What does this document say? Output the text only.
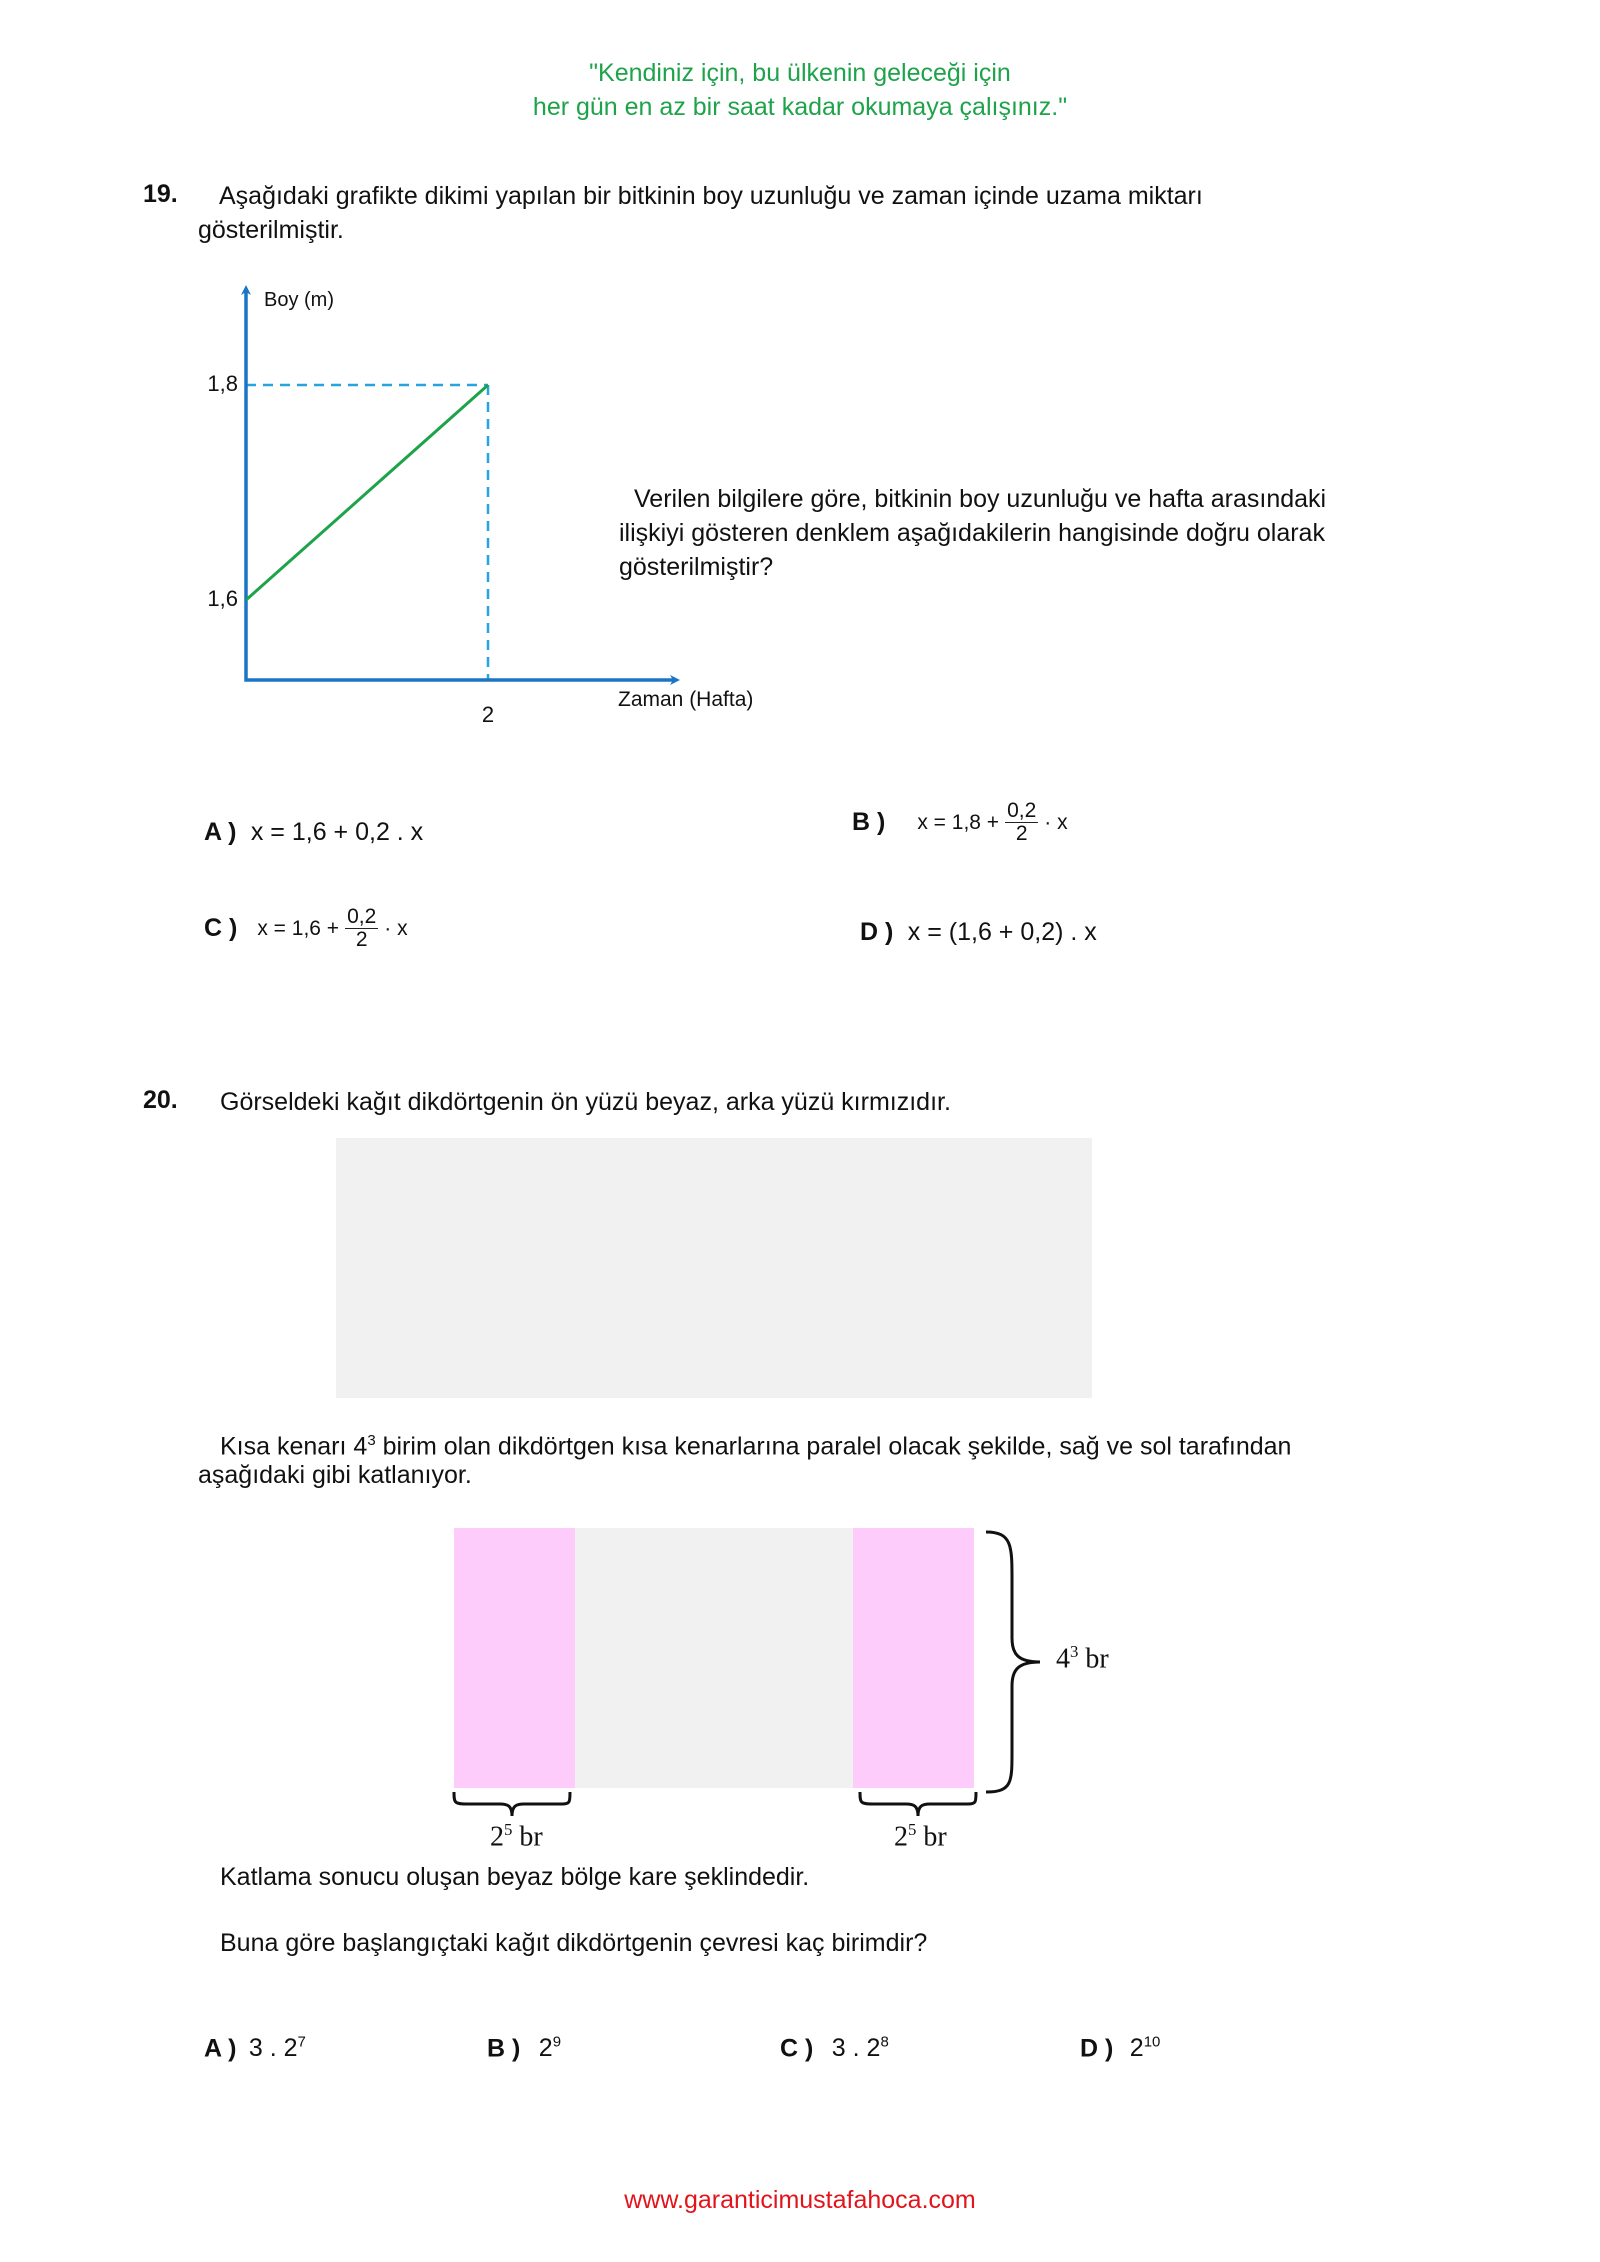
"Kendiniz için, bu ülkenin geleceği için
her gün en az bir saat kadar okumaya çalışınız."
19. Aşağıdaki grafikte dikimi yapılan bir bitkinin boy uzunluğu ve zaman içinde uzama miktarı
gösterilmiştir.
Boy (m)
1,8
1,6
2
Zaman (Hafta)
Verilen bilgilere göre, bitkinin boy uzunluğu ve hafta arasındaki
ilişkiyi gösteren denklem aşağıdakilerin hangisinde doğru olarak
gösterilmiştir?
A ) x = 1,6 + 0,2 . x	B ) $x = 1,8 + \frac{0,2}{2} \cdot x$
C ) $x = 1,6 + \frac{0,2}{2} \cdot x$	D ) x = (1,6 + 0,2) . x
20. Görseldeki kağıt dikdörtgenin ön yüzü beyaz, arka yüzü kırmızıdır.
Kısa kenarı $4^3$ birim olan dikdörtgen kısa kenarlarına paralel olacak şekilde, sağ ve sol tarafından
aşağıdaki gibi katlanıyor.
$4^3$ br
$2^5$ br	$2^5$ br
Katlama sonucu oluşan beyaz bölge kare şeklindedir.
Buna göre başlangıçtaki kağıt dikdörtgenin çevresi kaç birimdir?
A ) 3 . $2^7$	B ) $2^9$	C ) 3 . $2^8$	D ) $2^{10}$
www.garanticimustafahoca.com
